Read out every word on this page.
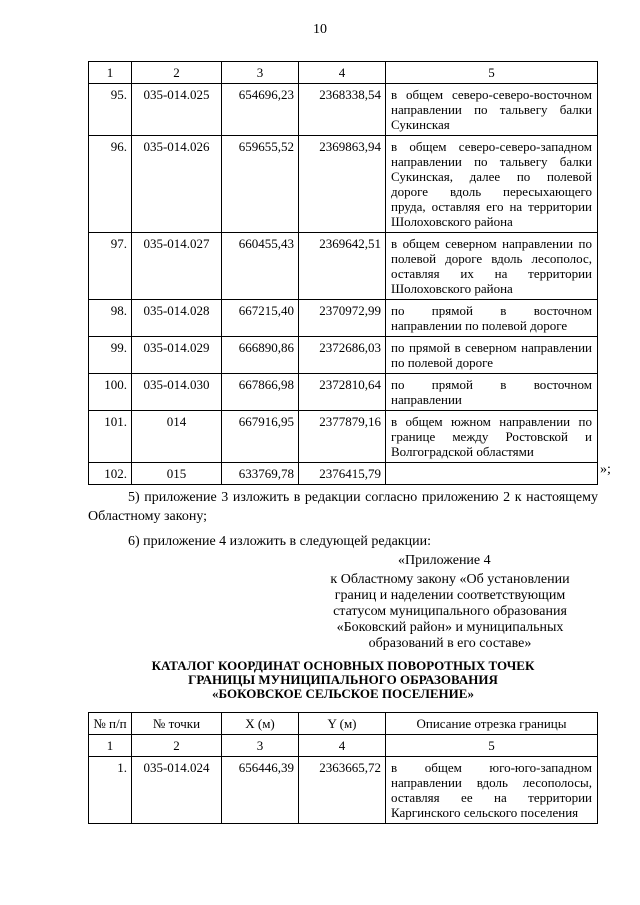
10
1	2	3	4	5
95.	035-014.025	654696,23	2368338,54	в общем северо-северо-восточном направлении по тальвегу балки Сукинская
96.	035-014.026	659655,52	2369863,94	в общем северо-северо-западном направлении по тальвегу балки Сукинская, далее по полевой дороге вдоль пересыхающего пруда, оставляя его на территории Шолоховского района
97.	035-014.027	660455,43	2369642,51	в общем северном направлении по полевой дороге вдоль лесополос, оставляя их на территории Шолоховского района
98.	035-014.028	667215,40	2370972,99	по прямой в восточном направлении по полевой дороге
99.	035-014.029	666890,86	2372686,03	по прямой в северном направлении по полевой дороге
100.	035-014.030	667866,98	2372810,64	по прямой в восточном направлении
101.	014	667916,95	2377879,16	в общем южном направлении по границе между Ростовской и Волгоградской областями
102.	015	633769,78	2376415,79		»;
5) приложение 3 изложить в редакции согласно приложению 2 к настоящему Областному закону;
6) приложение 4 изложить в следующей редакции:
«Приложение 4
к Областному закону «Об установлении
границ и наделении соответствующим
статусом муниципального образования
«Боковский район» и муниципальных
образований в его составе»
КАТАЛОГ КООРДИНАТ ОСНОВНЫХ ПОВОРОТНЫХ ТОЧЕК
ГРАНИЦЫ МУНИЦИПАЛЬНОГО ОБРАЗОВАНИЯ
«БОКОВСКОЕ СЕЛЬСКОЕ ПОСЕЛЕНИЕ»
№ п/п	№ точки	X (м)	Y (м)	Описание отрезка границы
1	2	3	4	5
1.	035-014.024	656446,39	2363665,72	в общем юго-юго-западном направлении вдоль лесополосы, оставляя ее на территории Каргинского сельского поселения
